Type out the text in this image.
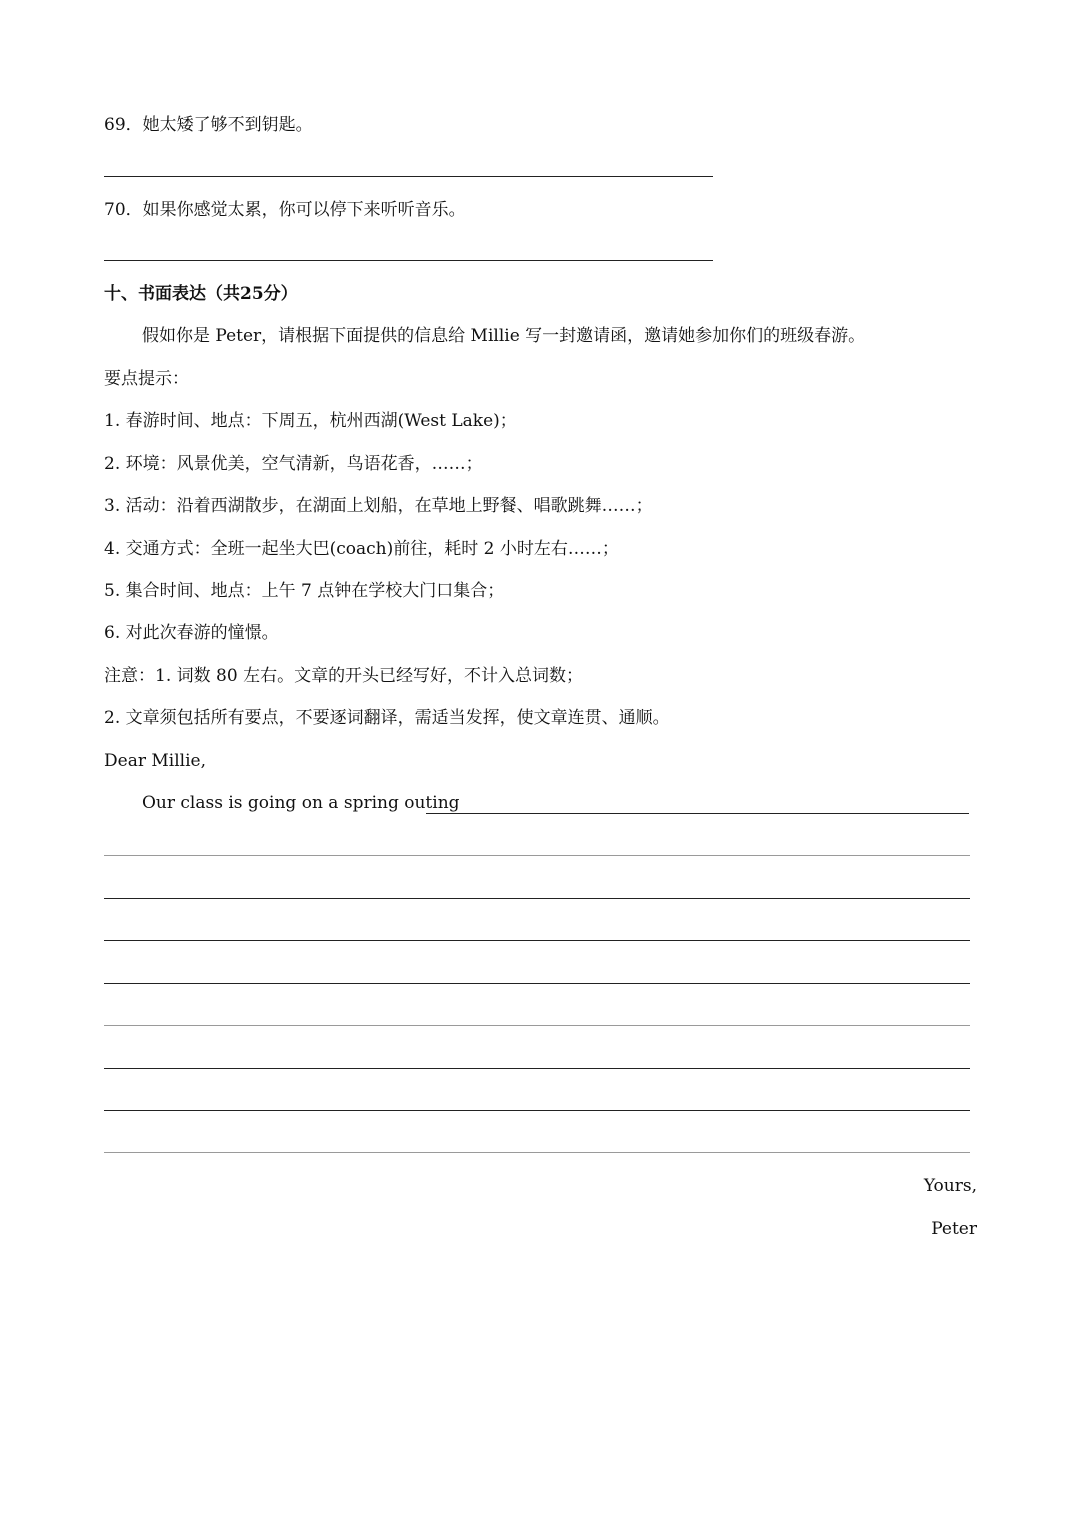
69．她太矮了够不到钥匙。
70．如果你感觉太累，你可以停下来听听音乐。
十、书面表达（共25分）
假如你是 Peter，请根据下面提供的信息给 Millie 写一封邀请函，邀请她参加你们的班级春游。
要点提示：
1. 春游时间、地点：下周五，杭州西湖(West Lake)；
2. 环境：风景优美，空气清新，鸟语花香，……；
3. 活动：沿着西湖散步，在湖面上划船，在草地上野餐、唱歌跳舞……；
4. 交通方式：全班一起坐大巴(coach)前往，耗时 2 小时左右……；
5. 集合时间、地点：上午 7 点钟在学校大门口集合；
6. 对此次春游的憧憬。
注意：1. 词数 80 左右。文章的开头已经写好，不计入总词数；
2. 文章须包括所有要点，不要逐词翻译，需适当发挥，使文章连贯、通顺。
Dear Millie,
Our class is going on a spring outing
Yours,
Peter
